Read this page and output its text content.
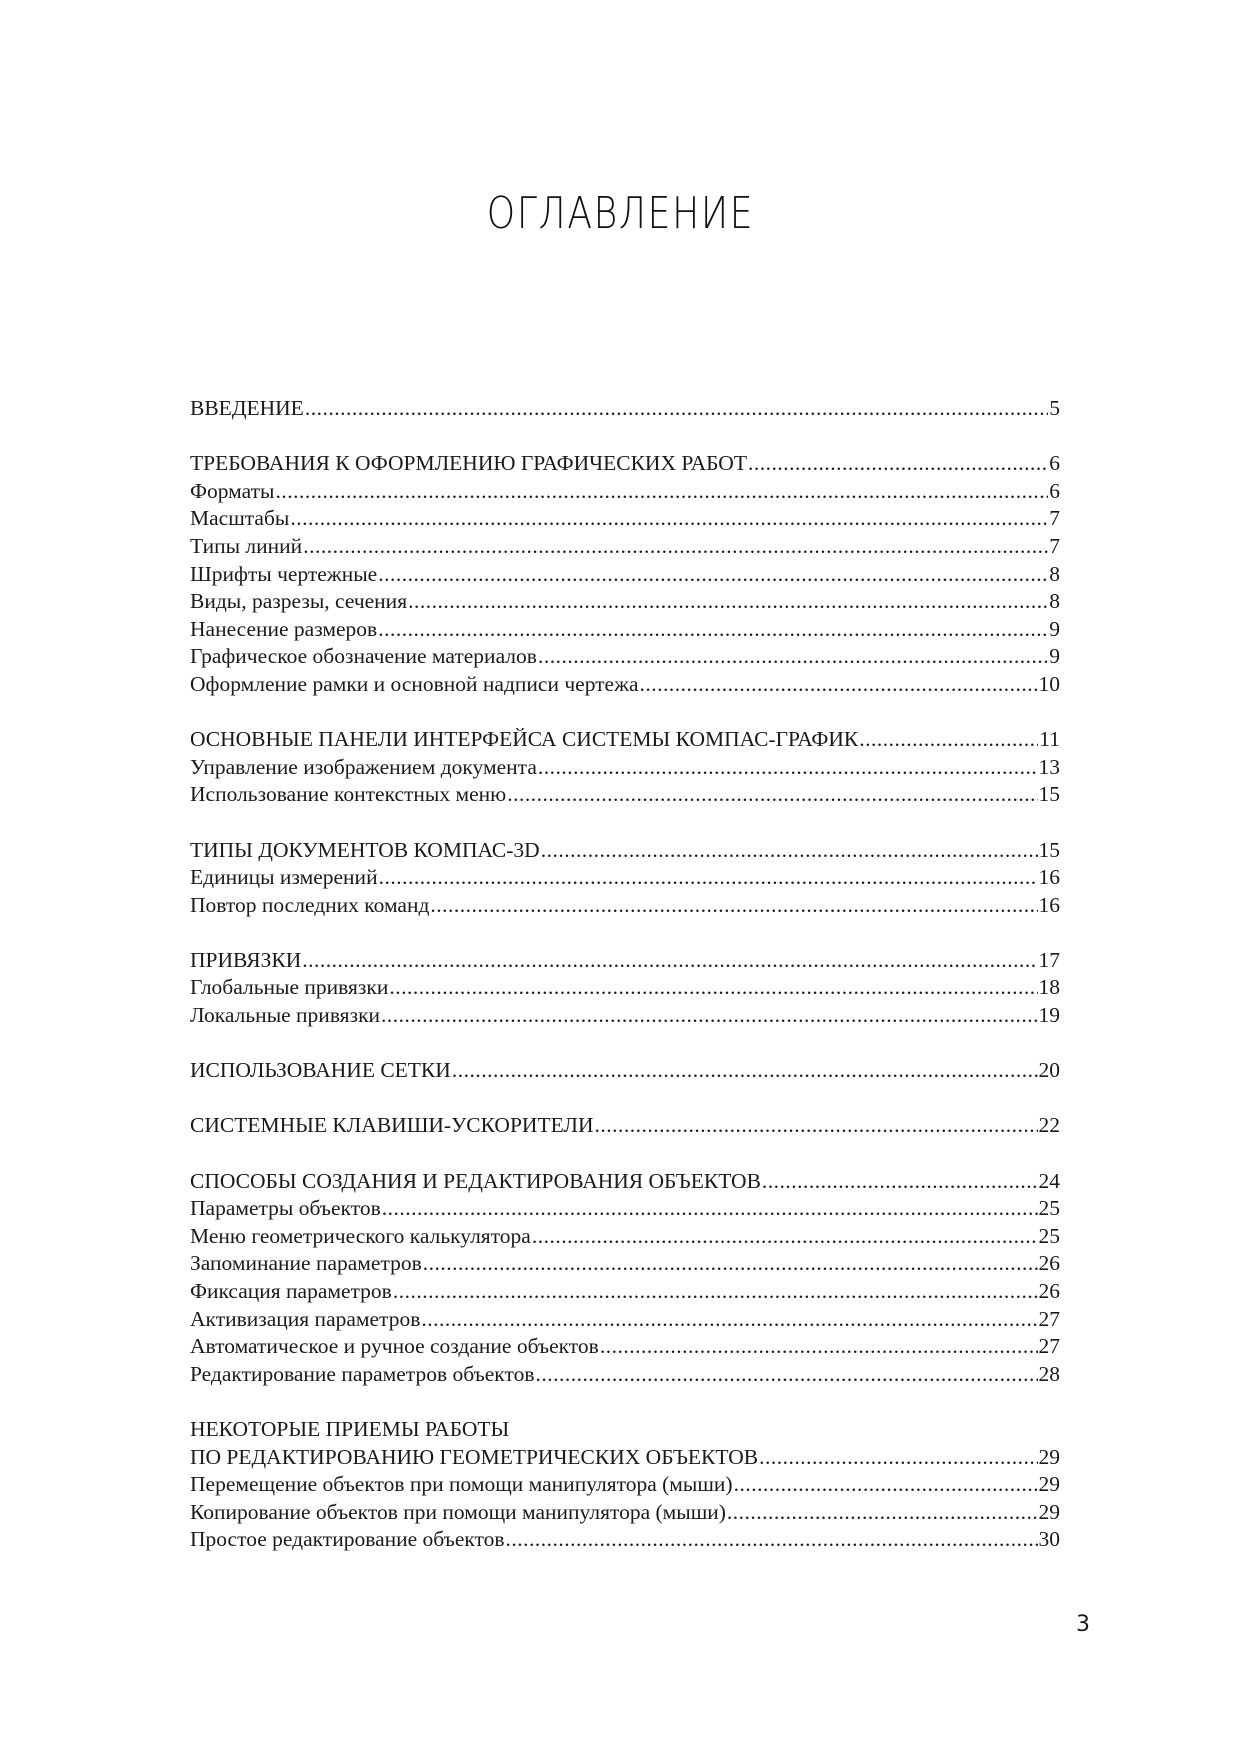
ОГЛАВЛЕНИЕ
ВВЕДЕНИЕ .....	5
ТРЕБОВАНИЯ К ОФОРМЛЕНИЮ ГРАФИЧЕСКИХ РАБОТ .....	6
Форматы .....	6
Масштабы .....	7
Типы линий .....	7
Шрифты чертежные .....	8
Виды, разрезы, сечения .....	8
Нанесение размеров .....	9
Графическое обозначение материалов .....	9
Оформление рамки и основной надписи чертежа .....	10
ОСНОВНЫЕ ПАНЕЛИ ИНТЕРФЕЙСА СИСТЕМЫ КОМПАС-ГРАФИК .....	11
Управление изображением документа .....	13
Использование контекстных меню .....	15
ТИПЫ ДОКУМЕНТОВ КОМПАС-3D .....	15
Единицы измерений .....	16
Повтор последних команд .....	16
ПРИВЯЗКИ .....	17
Глобальные привязки .....	18
Локальные привязки .....	19
ИСПОЛЬЗОВАНИЕ СЕТКИ .....	20
СИСТЕМНЫЕ КЛАВИШИ-УСКОРИТЕЛИ .....	22
СПОСОБЫ СОЗДАНИЯ И РЕДАКТИРОВАНИЯ ОБЪЕКТОВ .....	24
Параметры объектов .....	25
Меню геометрического калькулятора .....	25
Запоминание параметров .....	26
Фиксация параметров .....	26
Активизация параметров .....	27
Автоматическое и ручное создание объектов .....	27
Редактирование параметров объектов .....	28
НЕКОТОРЫЕ ПРИЕМЫ РАБОТЫ
ПО РЕДАКТИРОВАНИЮ ГЕОМЕТРИЧЕСКИХ ОБЪЕКТОВ .....	29
Перемещение объектов при помощи манипулятора (мыши) .....	29
Копирование объектов при помощи манипулятора (мыши) .....	29
Простое редактирование объектов .....	30
3
